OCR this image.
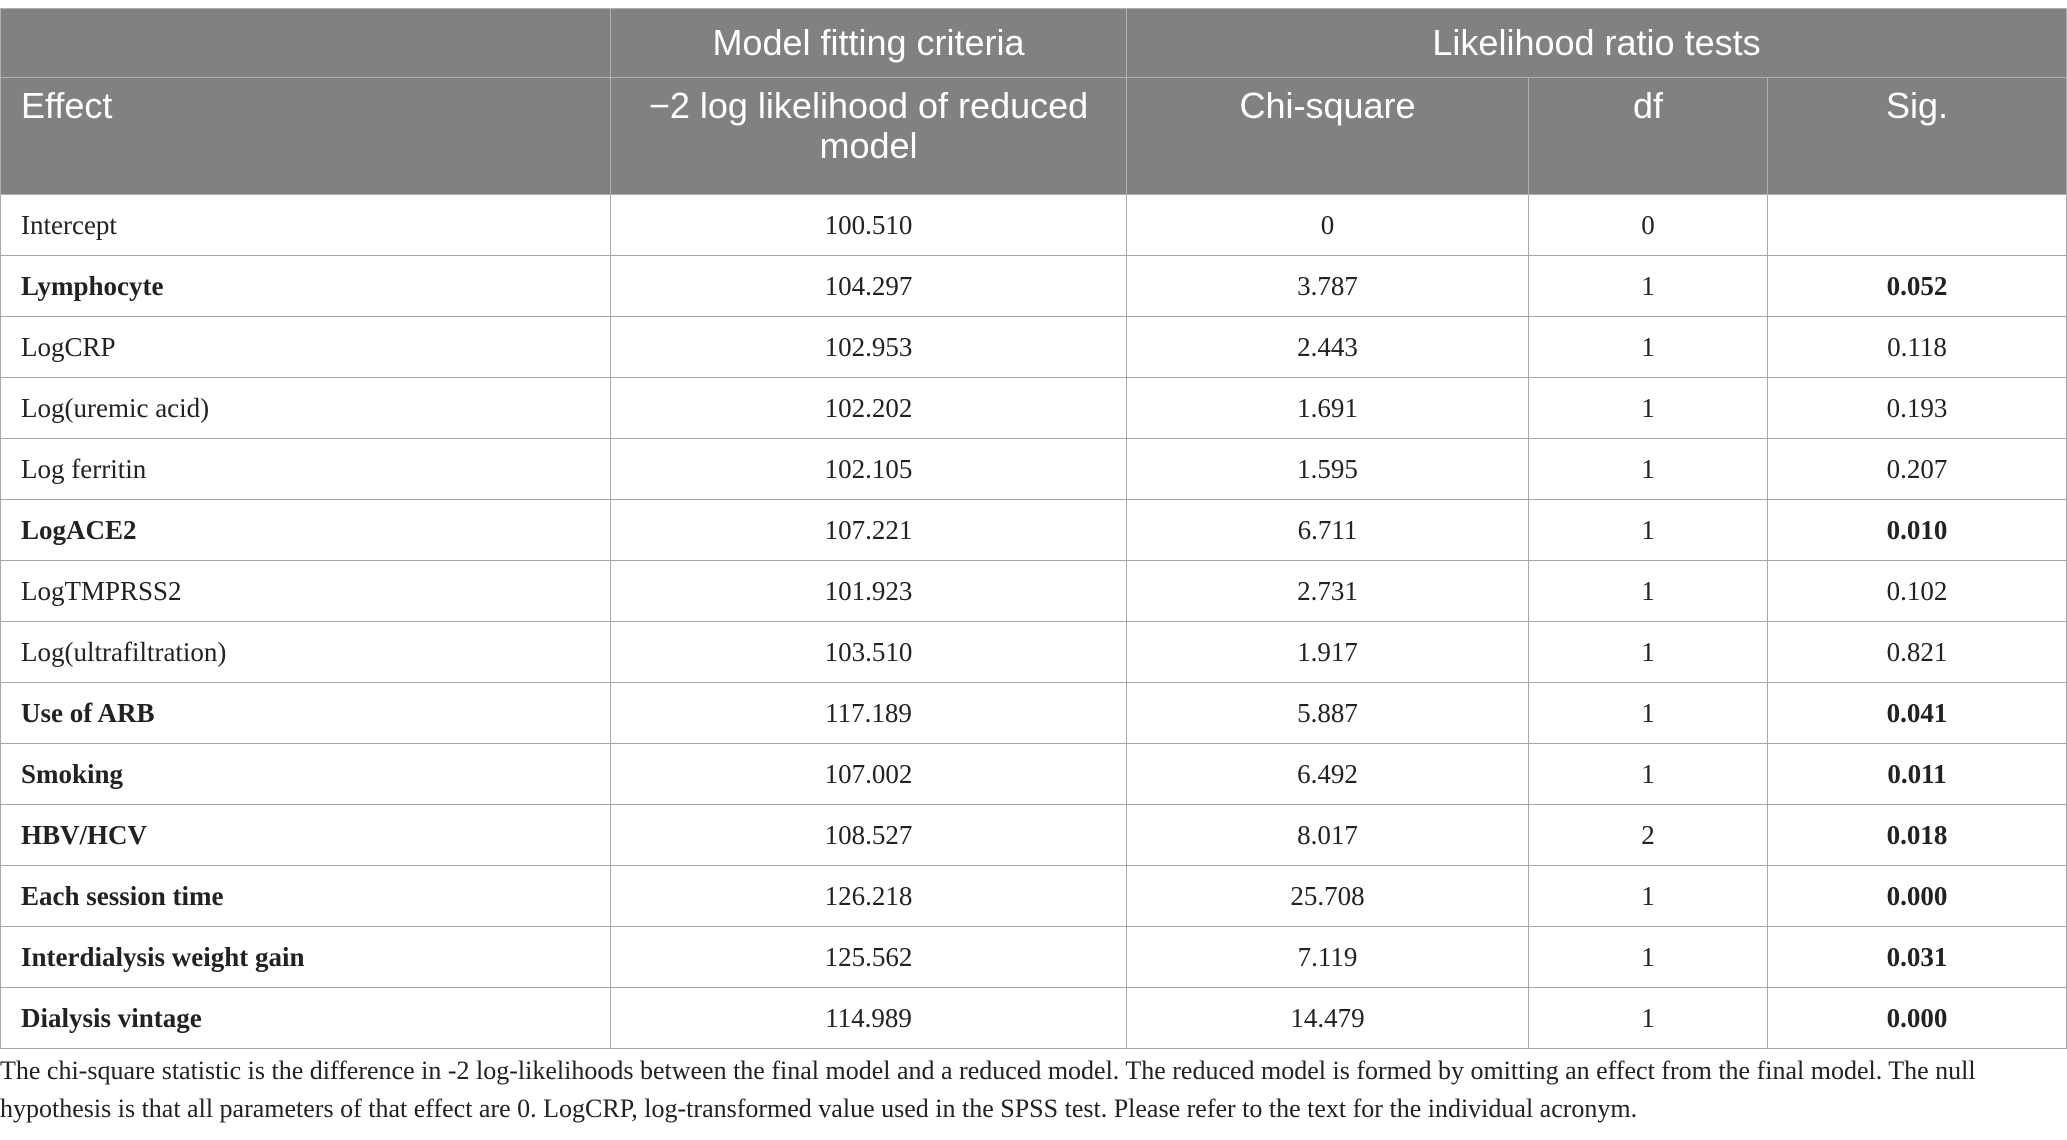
	Model fitting criteria	Likelihood ratio tests		
Effect	−2 log likelihood of reduced model	Chi-square	df	Sig.
Intercept	100.510	0	0	
Lymphocyte	104.297	3.787	1	0.052
LogCRP	102.953	2.443	1	0.118
Log(uremic acid)	102.202	1.691	1	0.193
Log ferritin	102.105	1.595	1	0.207
LogACE2	107.221	6.711	1	0.010
LogTMPRSS2	101.923	2.731	1	0.102
Log(ultrafiltration)	103.510	1.917	1	0.821
Use of ARB	117.189	5.887	1	0.041
Smoking	107.002	6.492	1	0.011
HBV/HCV	108.527	8.017	2	0.018
Each session time	126.218	25.708	1	0.000
Interdialysis weight gain	125.562	7.119	1	0.031
Dialysis vintage	114.989	14.479	1	0.000
The chi-square statistic is the difference in -2 log-likelihoods between the final model and a reduced model. The reduced model is formed by omitting an effect from the final model. The null hypothesis is that all parameters of that effect are 0. LogCRP, log-transformed value used in the SPSS test. Please refer to the text for the individual acronym.
